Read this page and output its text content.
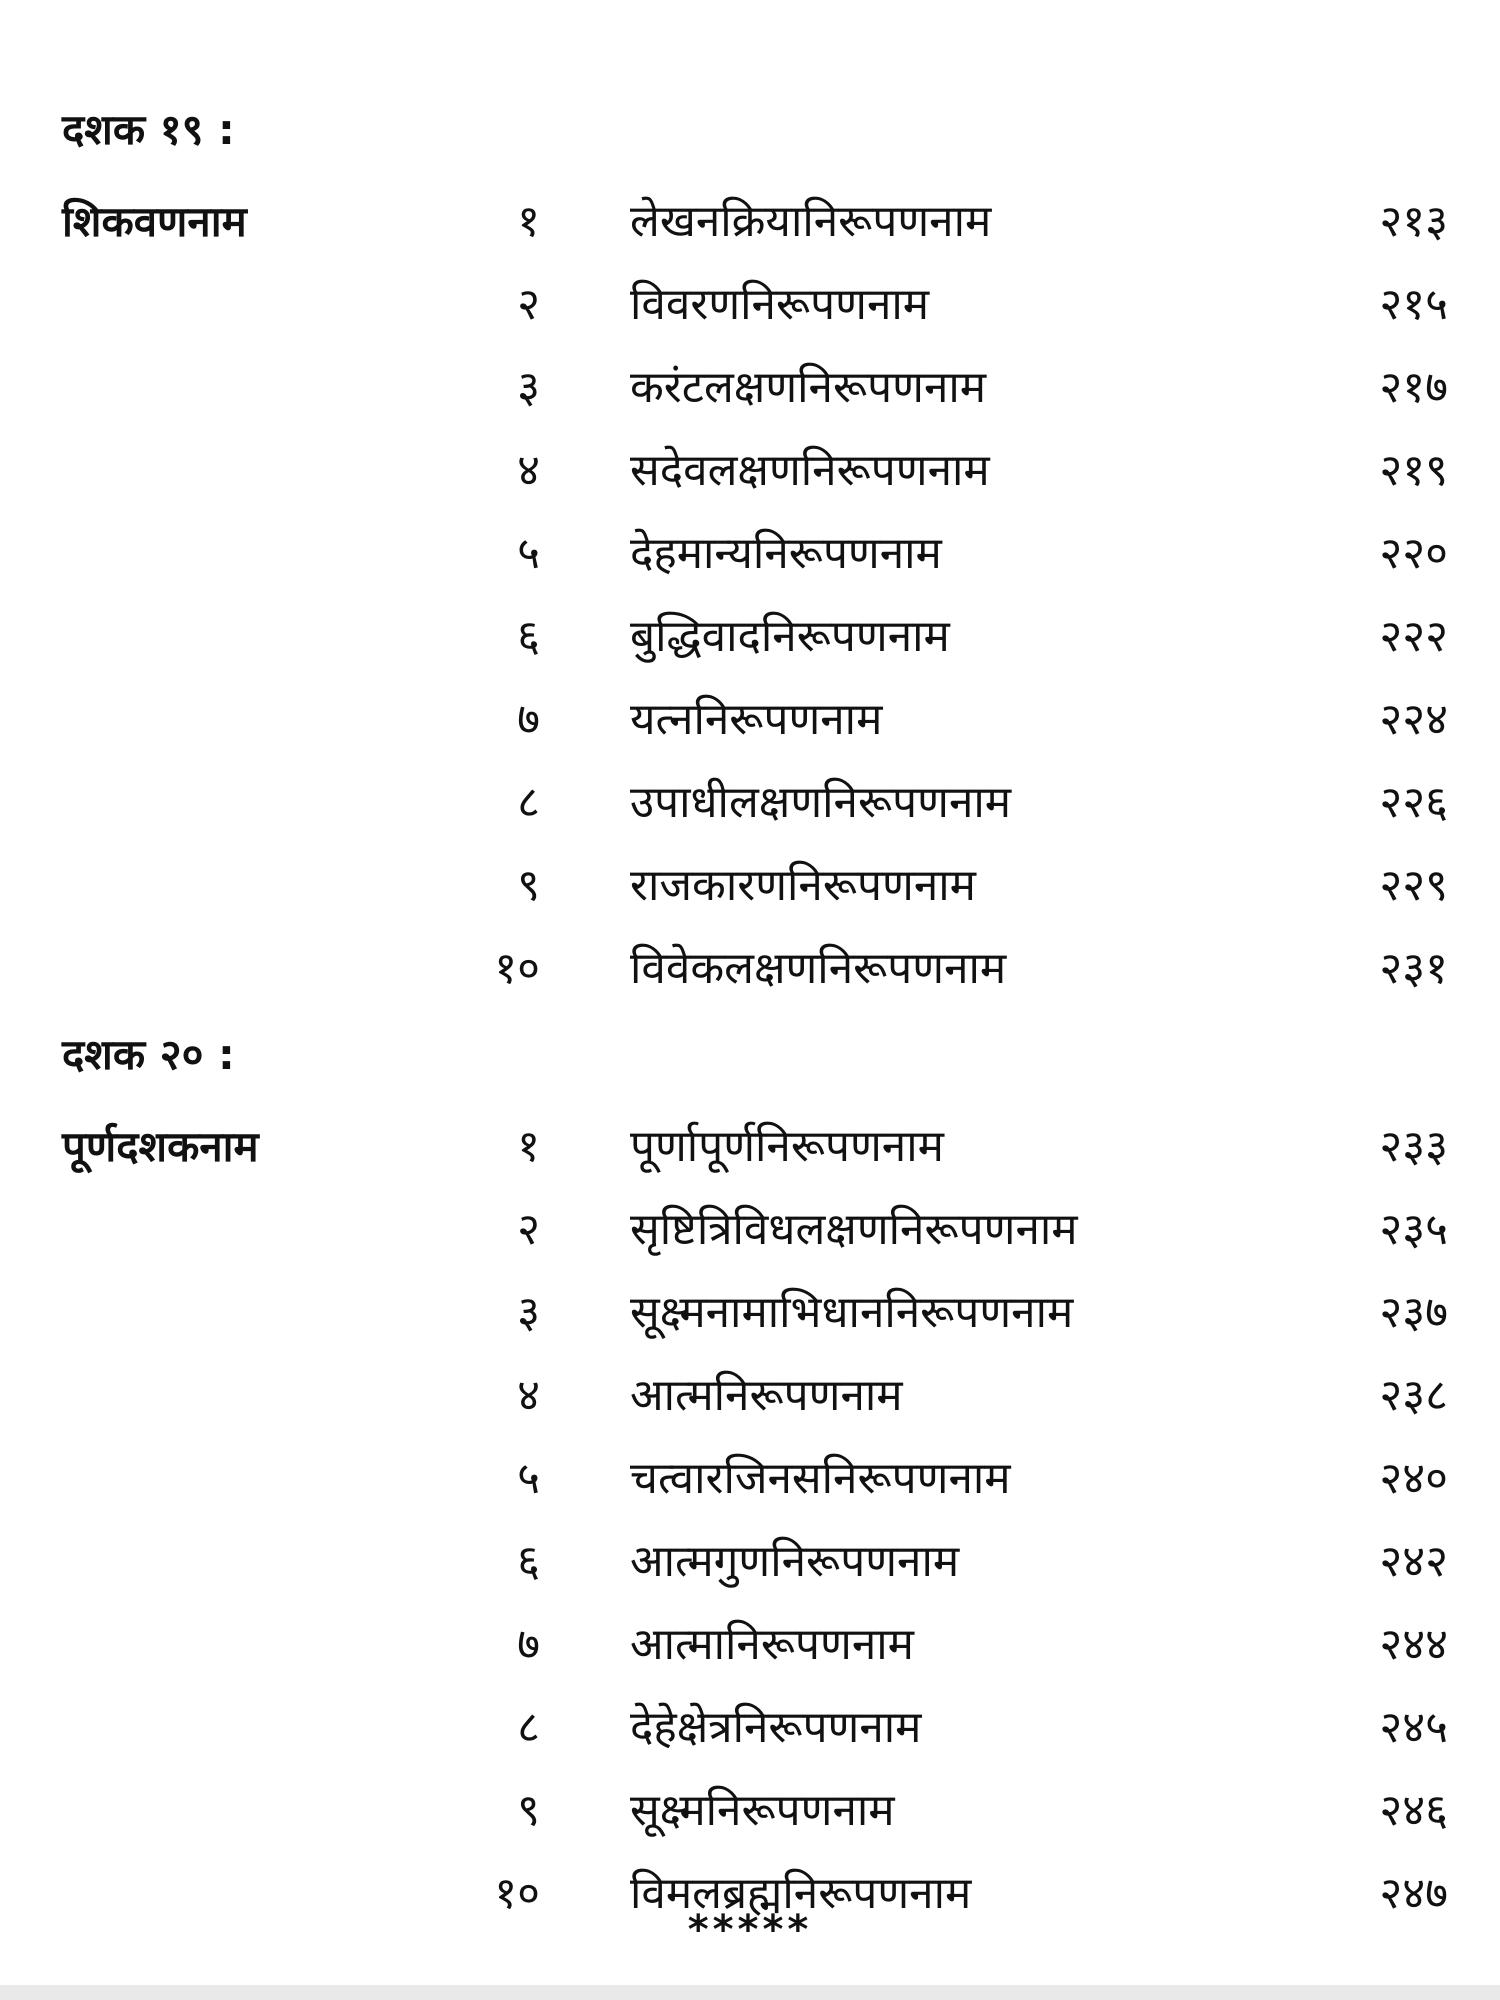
दशक १९ :
शिकवणनाम	१ लेखनक्रियानिरूपणनाम	२१३
२ विवरणनिरूपणनाम	२१५
३ करंटलक्षणनिरूपणनाम	२१७
४ सदेवलक्षणनिरूपणनाम	२१९
५ देहमान्यनिरूपणनाम	२२०
६ बुद्धिवादनिरूपणनाम	२२२
७ यत्ननिरूपणनाम	२२४
८ उपाधीलक्षणनिरूपणनाम	२२६
९ राजकारणनिरूपणनाम	२२९
१० विवेकलक्षणनिरूपणनाम	२३१
दशक २० :
पूर्णदशकनाम	१ पूर्णापूर्णनिरूपणनाम	२३३
२ सृष्टित्रिविधलक्षणनिरूपणनाम	२३५
३ सूक्ष्मनामाभिधाननिरूपणनाम	२३७
४ आत्मनिरूपणनाम	२३८
५ चत्वारजिनसनिरूपणनाम	२४०
६ आत्मगुणनिरूपणनाम	२४२
७ आत्मानिरूपणनाम	२४४
८ देहेक्षेत्रनिरूपणनाम	२४५
९ सूक्ष्मनिरूपणनाम	२४६
१० विमलब्रह्मनिरूपणनाम	२४७
*****
